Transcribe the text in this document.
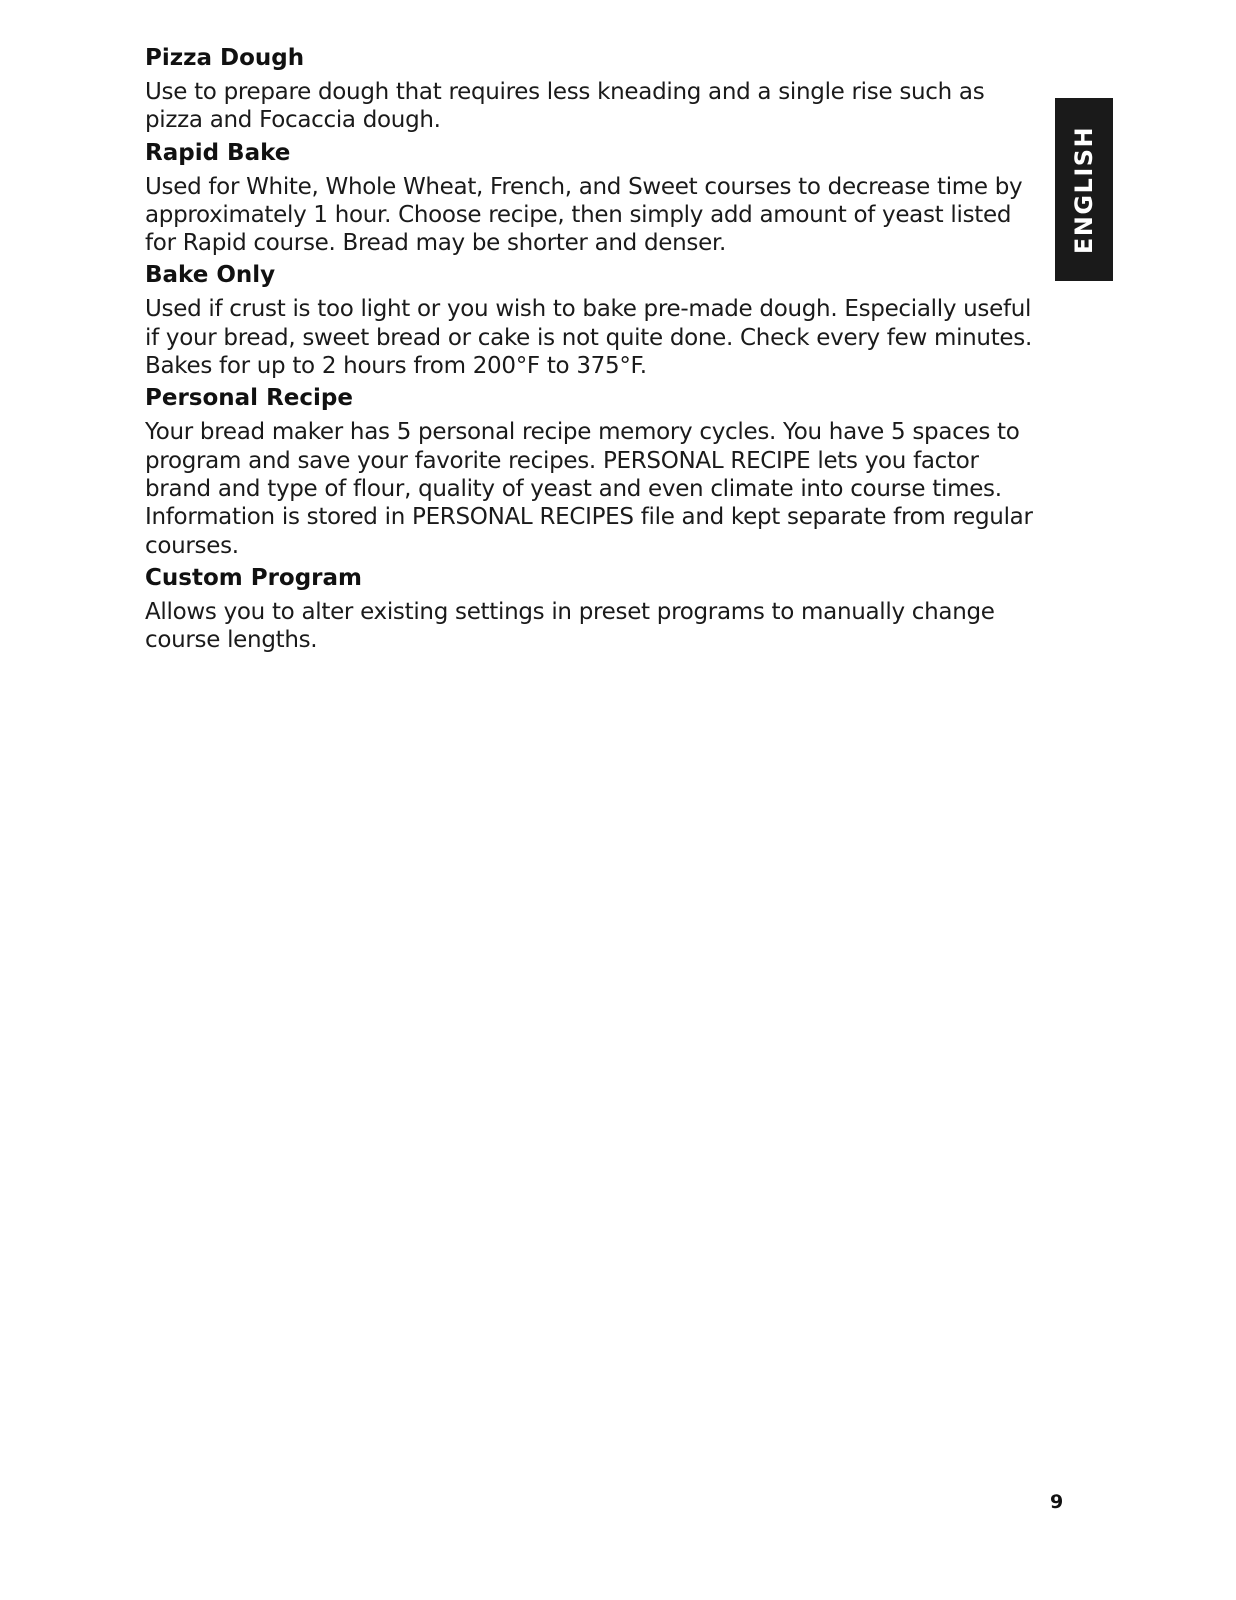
Pizza Dough

Use to prepare dough that requires less kneading and a single rise such as pizza and Focaccia dough.

Rapid Bake

Used for White, Whole Wheat, French, and Sweet courses to decrease time by approximately 1 hour. Choose recipe, then simply add amount of yeast listed for Rapid course. Bread may be shorter and denser.

Bake Only

Used if crust is too light or you wish to bake pre-made dough. Especially useful if your bread, sweet bread or cake is not quite done. Check every few minutes. Bakes for up to 2 hours from 200°F to 375°F.

Personal Recipe

Your bread maker has 5 personal recipe memory cycles. You have 5 spaces to program and save your favorite recipes. PERSONAL RECIPE lets you factor brand and type of flour, quality of yeast and even climate into course times. Information is stored in PERSONAL RECIPES file and kept separate from regular courses.

Custom Program

Allows you to alter existing settings in preset programs to manually change course lengths.

ENGLISH
9
